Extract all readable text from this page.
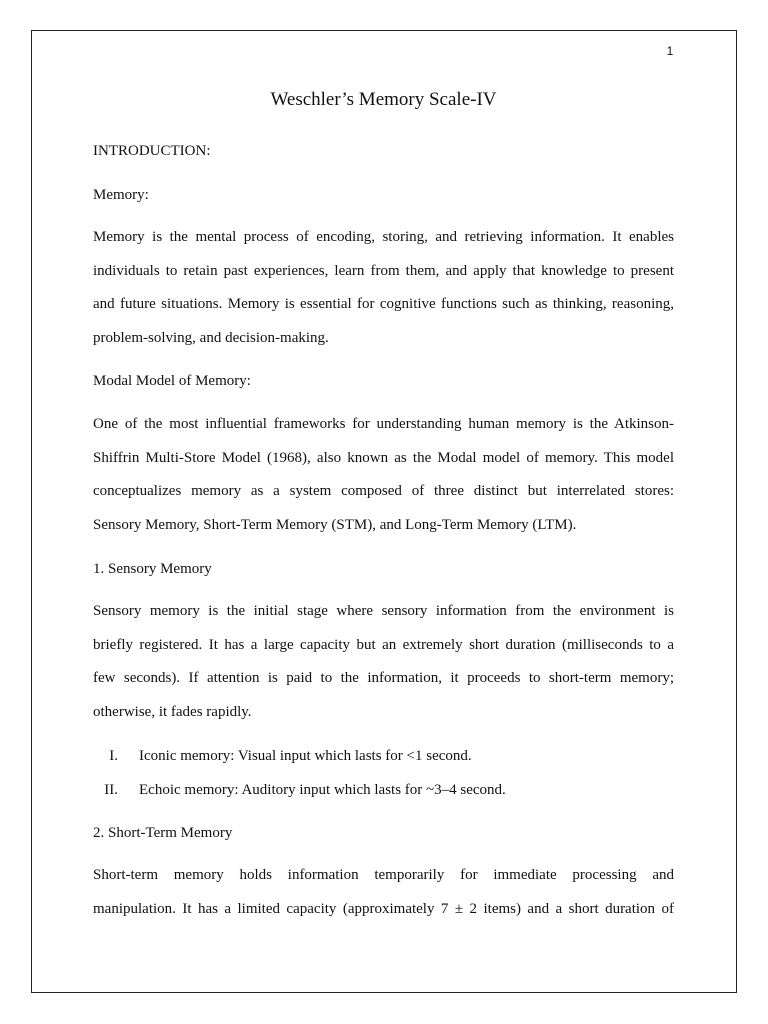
1
Weschler’s Memory Scale-IV

INTRODUCTION:

Memory:

Memory is the mental process of encoding, storing, and retrieving information. It enables
individuals to retain past experiences, learn from them, and apply that knowledge to present
and future situations. Memory is essential for cognitive functions such as thinking, reasoning,
problem-solving, and decision-making.

Modal Model of Memory:

One of the most influential frameworks for understanding human memory is the Atkinson-
Shiffrin Multi-Store Model (1968), also known as the Modal model of memory. This model
conceptualizes memory as a system composed of three distinct but interrelated stores:
Sensory Memory, Short-Term Memory (STM), and Long-Term Memory (LTM).

1. Sensory Memory

Sensory memory is the initial stage where sensory information from the environment is
briefly registered. It has a large capacity but an extremely short duration (milliseconds to a
few seconds). If attention is paid to the information, it proceeds to short-term memory;
otherwise, it fades rapidly.

I. Iconic memory: Visual input which lasts for <1 second.

II. Echoic memory: Auditory input which lasts for ~3–4 second.

2. Short-Term Memory

Short-term memory holds information temporarily for immediate processing and
manipulation. It has a limited capacity (approximately 7 ± 2 items) and a short duration of
